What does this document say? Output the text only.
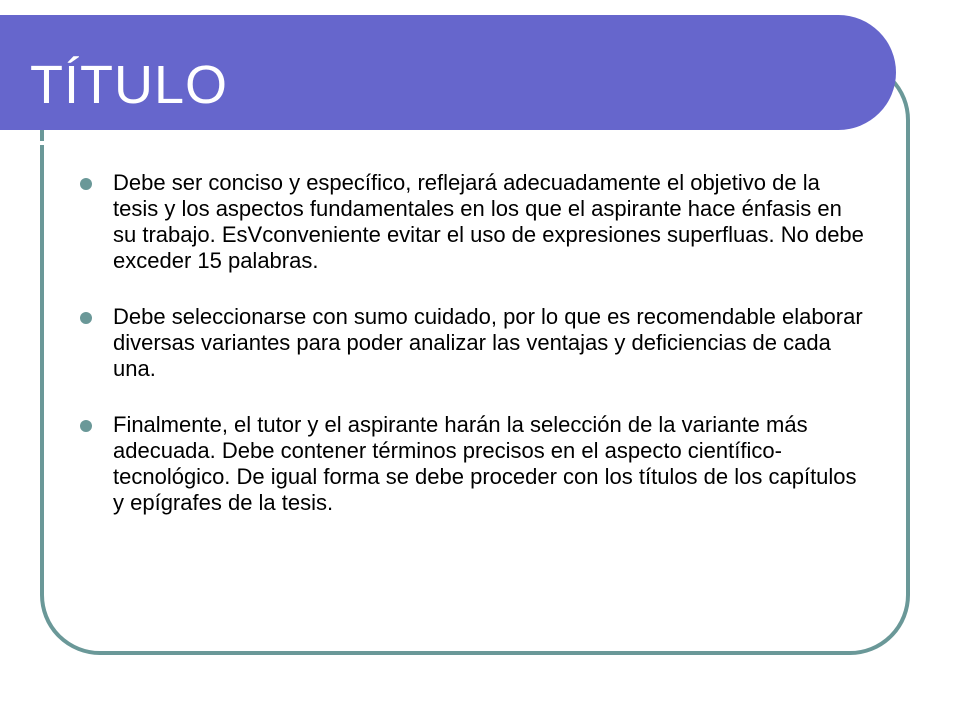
TÍTULO
Debe ser conciso y específico, reflejará adecuadamente el objetivo de la tesis y los aspectos fundamentales en los que el aspirante hace énfasis en su trabajo. EsVconveniente evitar el uso de expresiones superfluas. No debe exceder 15 palabras.
Debe seleccionarse con sumo cuidado, por lo que es recomendable elaborar diversas variantes para poder analizar las ventajas y deficiencias de cada una.
Finalmente, el tutor y el aspirante harán la selección de la variante más adecuada. Debe contener términos precisos en el aspecto científico-tecnológico. De igual forma se debe proceder con los títulos de los capítulos y epígrafes de la tesis.
